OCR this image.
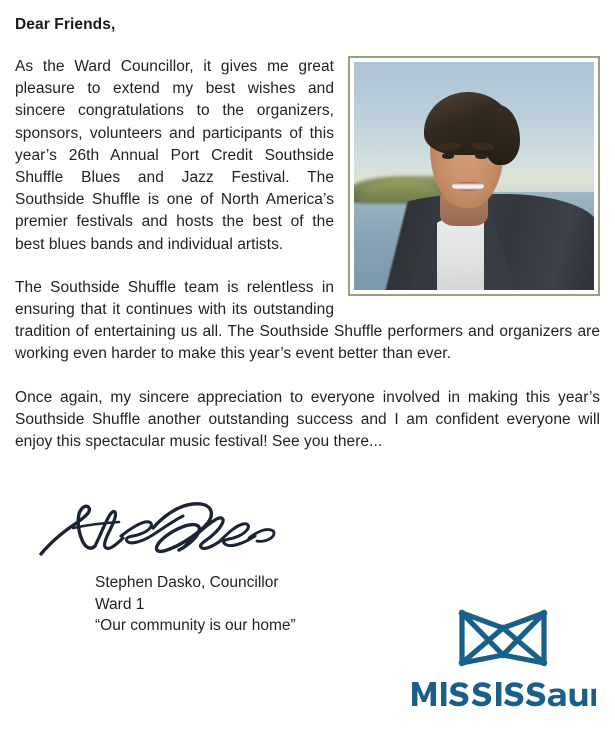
Dear Friends,

As the Ward Councillor, it gives me great pleasure to extend my best wishes and sincere congratulations to the organizers, sponsors, volunteers and participants of this year’s 26th Annual Port Credit Southside Shuffle Blues and Jazz Festival. The Southside Shuffle is one of North America’s premier festivals and hosts the best of the best blues bands and individual artists.

The Southside Shuffle team is relentless in ensuring that it continues with its outstanding tradition of entertaining us all. The Southside Shuffle performers and organizers are working even harder to make this year’s event better than ever.

Once again, my sincere appreciation to everyone involved in making this year’s Southside Shuffle another outstanding success and I am confident everyone will enjoy this spectacular music festival! See you there...

Stephen Dasko, Councillor
Ward 1
“Our community is our home”
